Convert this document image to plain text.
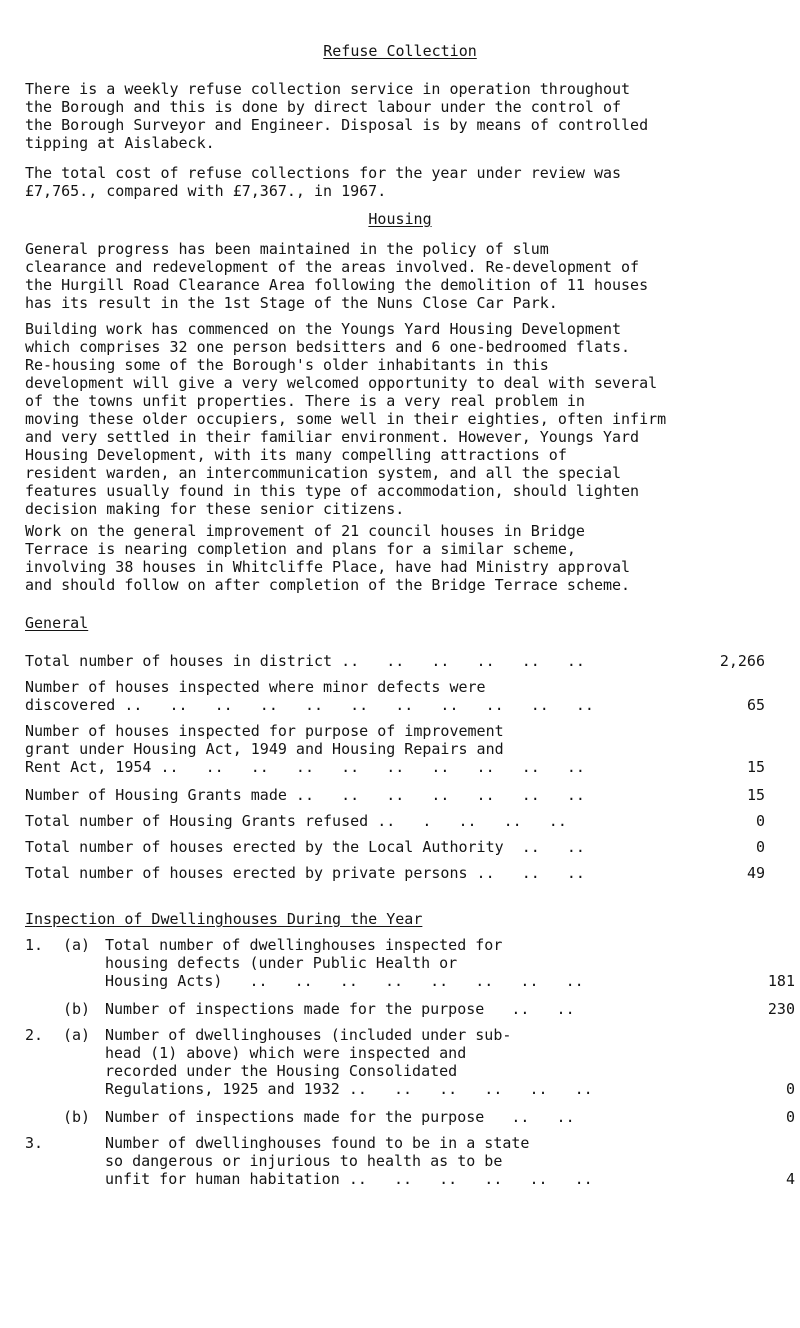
Refuse Collection
There is a weekly refuse collection service in operation throughout
the Borough and this is done by direct labour under the control of
the Borough Surveyor and Engineer. Disposal is by means of controlled
tipping at Aislabeck.
The total cost of refuse collections for the year under review was
£7,765., compared with £7,367., in 1967.
Housing
General progress has been maintained in the policy of slum
clearance and redevelopment of the areas involved. Re-development of
the Hurgill Road Clearance Area following the demolition of 11 houses
has its result in the 1st Stage of the Nuns Close Car Park.
Building work has commenced on the Youngs Yard Housing Development
which comprises 32 one person bedsitters and 6 one-bedroomed flats.
Re-housing some of the Borough's older inhabitants in this
development will give a very welcomed opportunity to deal with several
of the towns unfit properties. There is a very real problem in
moving these older occupiers, some well in their eighties, often infirm
and very settled in their familiar environment. However, Youngs Yard
Housing Development, with its many compelling attractions of
resident warden, an intercommunication system, and all the special
features usually found in this type of accommodation, should lighten
decision making for these senior citizens.
Work on the general improvement of 21 council houses in Bridge
Terrace is nearing completion and plans for a similar scheme,
involving 38 houses in Whitcliffe Place, have had Ministry approval
and should follow on after completion of the Bridge Terrace scheme.
General
Total number of houses in district ..   ..   ..   ..   ..   ..	2,266
Number of houses inspected where minor defects were
discovered ..   ..   ..   ..   ..   ..   ..   ..   ..   ..   ..	65
Number of houses inspected for purpose of improvement
grant under Housing Act, 1949 and Housing Repairs and
Rent Act, 1954 ..   ..   ..   ..   ..   ..   ..   ..   ..   ..	15
Number of Housing Grants made ..   ..   ..   ..   ..   ..   ..	15
Total number of Housing Grants refused ..   .   ..   ..   ..	0
Total number of houses erected by the Local Authority  ..   ..	0
Total number of houses erected by private persons ..   ..   ..	49
Inspection of Dwellinghouses During the Year
1. (a) Total number of dwellinghouses inspected for
housing defects (under Public Health or
Housing Acts)   ..   ..   ..   ..   ..   ..   ..   ..	181
(b) Number of inspections made for the purpose   ..   ..	230
2. (a) Number of dwellinghouses (included under sub-
head (1) above) which were inspected and
recorded under the Housing Consolidated
Regulations, 1925 and 1932 ..   ..   ..   ..   ..   ..	0
(b) Number of inspections made for the purpose   ..   ..	0
3.	Number of dwellinghouses found to be in a state
so dangerous or injurious to health as to be
unfit for human habitation ..   ..   ..   ..   ..   ..	4
